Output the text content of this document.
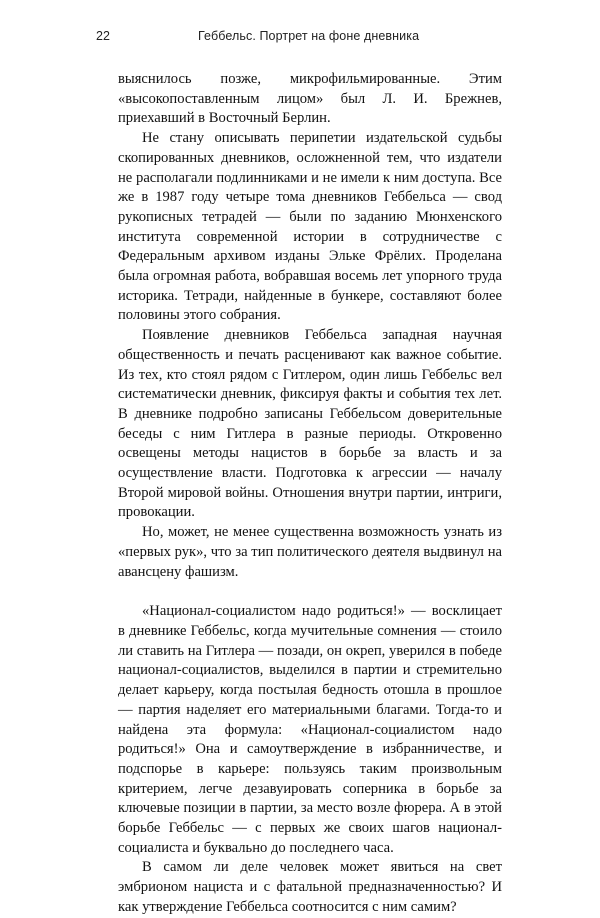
22	Геббельс. Портрет на фоне дневника

выяснилось позже, микрофильмированные. Этим «высокопоставленным лицом» был Л. И. Брежнев, приехавший в Восточный Берлин.

Не стану описывать перипетии издательской судьбы скопированных дневников, осложненной тем, что издатели не располагали подлинниками и не имели к ним доступа. Все же в 1987 году четыре тома дневников Геббельса — свод рукописных тетрадей — были по заданию Мюнхенского института современной истории в сотрудничестве с Федеральным архивом изданы Эльке Фрёлих. Проделана была огромная работа, вобравшая восемь лет упорного труда историка. Тетради, найденные в бункере, составляют более половины этого собрания.

Появление дневников Геббельса западная научная общественность и печать расценивают как важное событие. Из тех, кто стоял рядом с Гитлером, один лишь Геббельс вел систематически дневник, фиксируя факты и события тех лет. В дневнике подробно записаны Геббельсом доверительные беседы с ним Гитлера в разные периоды. Откровенно освещены методы нацистов в борьбе за власть и за осуществление власти. Подготовка к агрессии — началу Второй мировой войны. Отношения внутри партии, интриги, провокации.

Но, может, не менее существенна возможность узнать из «первых рук», что за тип политического деятеля выдвинул на авансцену фашизм.

«Национал-социалистом надо родиться!» — восклицает в дневнике Геббельс, когда мучительные сомнения — стоило ли ставить на Гитлера — позади, он окреп, уверился в победе национал-социалистов, выделился в партии и стремительно делает карьеру, когда постылая бедность отошла в прошлое — партия наделяет его материальными благами. Тогда-то и найдена эта формула: «Национал-социалистом надо родиться!» Она и самоутверждение в избранничестве, и подспорье в карьере: пользуясь таким произвольным критерием, легче дезавуировать соперника в борьбе за ключевые позиции в партии, за место возле фюрера. А в этой борьбе Геббельс — с первых же своих шагов национал-социалиста и буквально до последнего часа.

В самом ли деле человек может явиться на свет эмбрионом нациста и с фатальной предназначенностью? И как утверждение Геббельса соотносится с ним самим?
